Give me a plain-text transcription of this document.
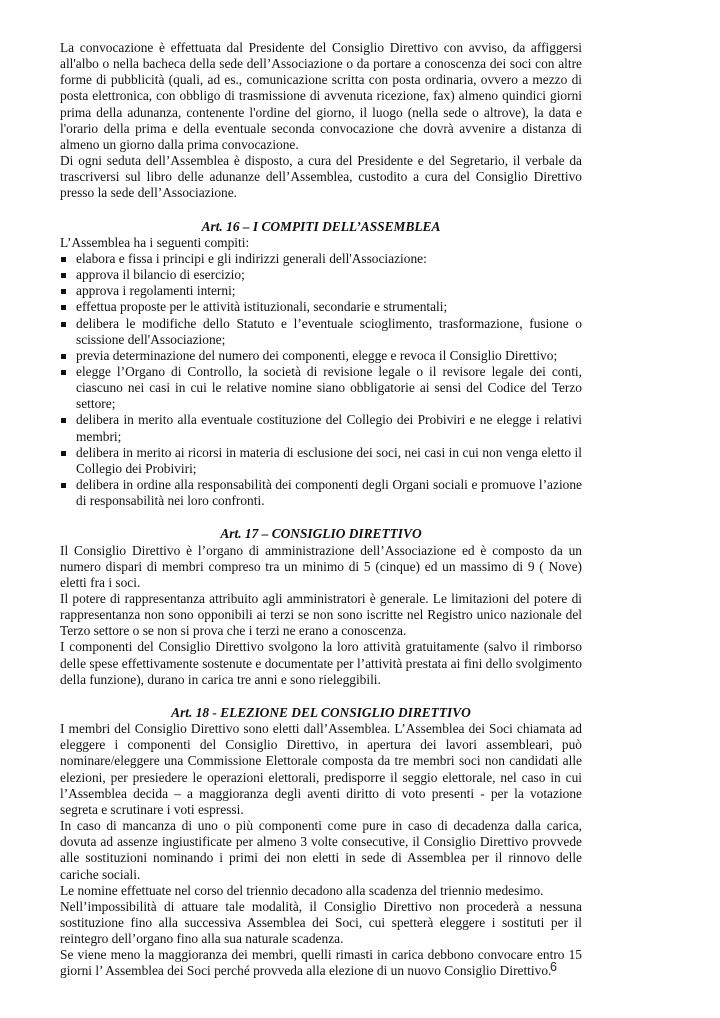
La convocazione è effettuata dal Presidente del Consiglio Direttivo con avviso, da affiggersi all'albo o nella bacheca della sede dell’Associazione o da portare a conoscenza dei soci con altre forme di pubblicità (quali, ad es., comunicazione scritta con posta ordinaria, ovvero a mezzo di posta elettronica, con obbligo di trasmissione di avvenuta ricezione, fax) almeno quindici giorni prima della adunanza, contenente l'ordine del giorno, il luogo (nella sede o altrove), la data e l'orario della prima e della eventuale seconda convocazione che dovrà avvenire a distanza di almeno un giorno dalla prima convocazione.

Di ogni seduta dell’Assemblea è disposto, a cura del Presidente e del Segretario, il verbale da trascriversi sul libro delle adunanze dell’Assemblea, custodito a cura del Consiglio Direttivo presso la sede dell’Associazione.

Art. 16 – I COMPITI DELL’ASSEMBLEA

L’Assemblea ha i seguenti compiti:

elabora e fissa i principi e gli indirizzi generali dell'Associazione:
approva il bilancio di esercizio;
approva i regolamenti interni;
effettua proposte per le attività istituzionali, secondarie e strumentali;
delibera le modifiche dello Statuto e l’eventuale scioglimento, trasformazione, fusione o scissione dell'Associazione;
previa determinazione del numero dei componenti, elegge e revoca il Consiglio Direttivo;
elegge l’Organo di Controllo, la società di revisione legale o il revisore legale dei conti, ciascuno nei casi in cui le relative nomine siano obbligatorie ai sensi del Codice del Terzo settore;
delibera in merito alla eventuale costituzione del Collegio dei Probiviri e ne elegge i relativi membri;
delibera in merito ai ricorsi in materia di esclusione dei soci, nei casi in cui non venga eletto il Collegio dei Probiviri;
delibera in ordine alla responsabilità dei componenti degli Organi sociali e promuove l’azione di responsabilità nei loro confronti.
Art. 17 – CONSIGLIO DIRETTIVO

Il Consiglio Direttivo è l’organo di amministrazione dell’Associazione ed è composto da un numero dispari di membri compreso tra un minimo di 5 (cinque) ed un massimo di 9 ( Nove) eletti fra i soci.

Il potere di rappresentanza attribuito agli amministratori è generale. Le limitazioni del potere di rappresentanza non sono opponibili ai terzi se non sono iscritte nel Registro unico nazionale del Terzo settore o se non si prova che i terzi ne erano a conoscenza.

I componenti del Consiglio Direttivo svolgono la loro attività gratuitamente (salvo il rimborso delle spese effettivamente sostenute e documentate per l’attività prestata ai fini dello svolgimento della funzione), durano in carica tre anni e sono rieleggibili.

Art. 18 - ELEZIONE DEL CONSIGLIO DIRETTIVO

I membri del Consiglio Direttivo sono eletti dall’Assemblea. L’Assemblea dei Soci chiamata ad eleggere i componenti del Consiglio Direttivo, in apertura dei lavori assembleari, può nominare/eleggere una Commissione Elettorale composta da tre membri soci non candidati alle elezioni, per presiedere le operazioni elettorali, predisporre il seggio elettorale, nel caso in cui l’Assemblea decida – a maggioranza degli aventi diritto di voto presenti - per la votazione segreta e scrutinare i voti espressi.

In caso di mancanza di uno o più componenti come pure in caso di decadenza dalla carica, dovuta ad assenze ingiustificate per almeno 3 volte consecutive, il Consiglio Direttivo provvede alle sostituzioni nominando i primi dei non eletti in sede di Assemblea per il rinnovo delle cariche sociali.

Le nomine effettuate nel corso del triennio decadono alla scadenza del triennio medesimo.

Nell’impossibilità di attuare tale modalità, il Consiglio Direttivo non procederà a nessuna sostituzione fino alla successiva Assemblea dei Soci, cui spetterà eleggere i sostituti per il reintegro dell’organo fino alla sua naturale scadenza.

Se viene meno la maggioranza dei membri, quelli rimasti in carica debbono convocare entro 15 giorni l’ Assemblea dei Soci perché provveda alla elezione di un nuovo Consiglio Direttivo.

6
